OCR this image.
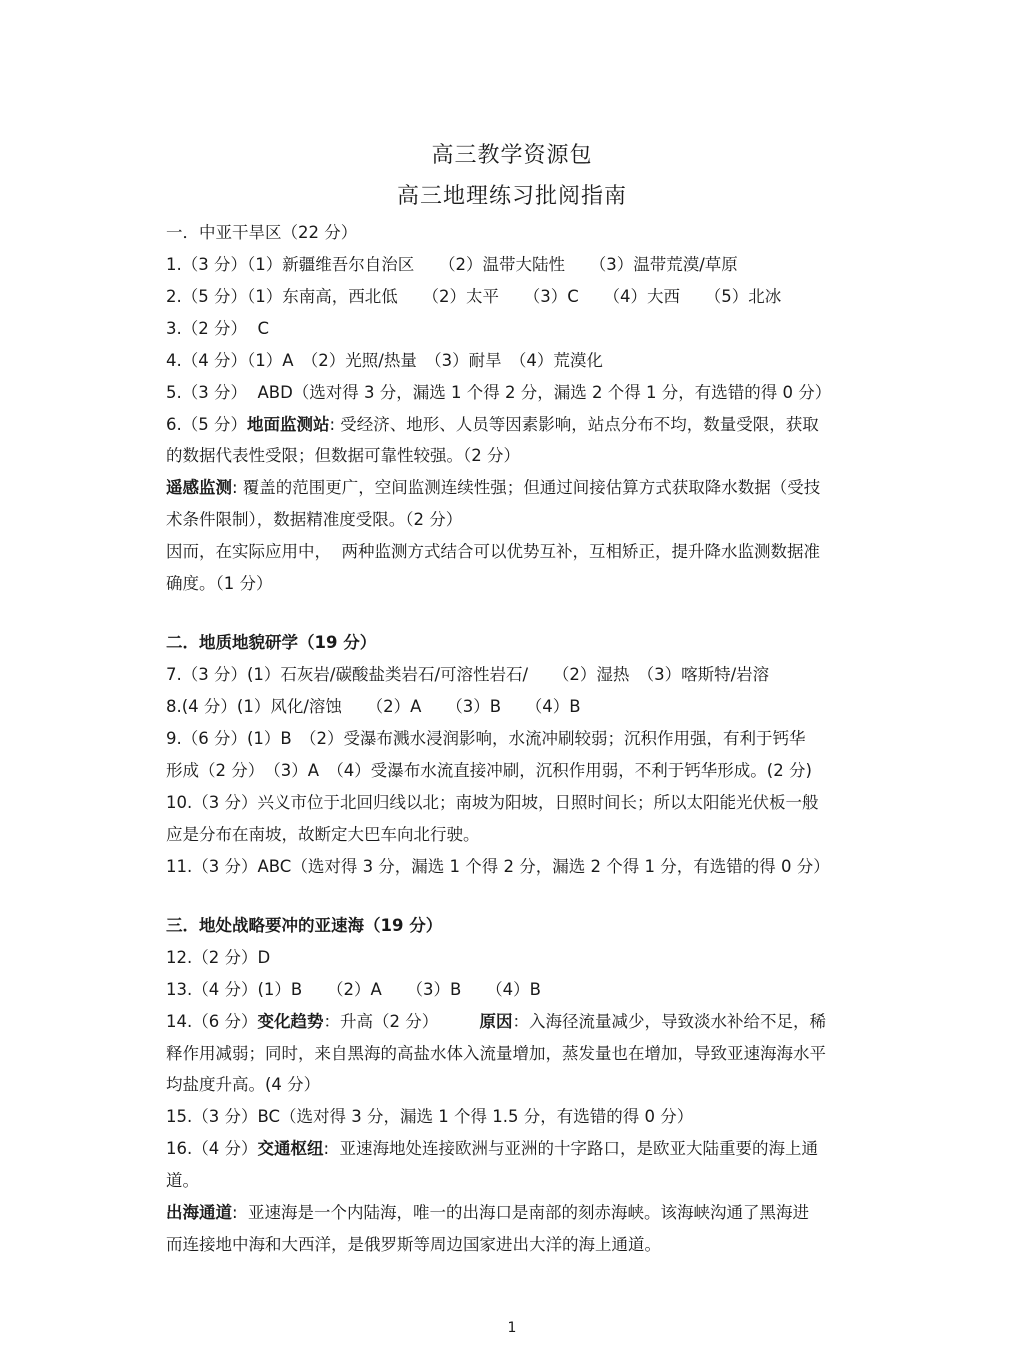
高三教学资源包
高三地理练习批阅指南
一．中亚干旱区（22 分）
1.（3 分）（1）新疆维吾尔自治区　　（2）温带大陆性　　（3）温带荒漠/草原
2.（5 分）（1）东南高，西北低　　（2）太平　　（3）C　　（4）大西　　（5）北冰
3.（2 分）  C
4.（4 分）（1）A　（2）光照/热量　（3）耐旱　（4）荒漠化
5.（3 分）  ABD（选对得 3 分，漏选 1 个得 2 分，漏选 2 个得 1 分，有选错的得 0 分）
6.（5 分）地面监测站: 受经济、地形、人员等因素影响，站点分布不均，数量受限，获取
的数据代表性受限；但数据可靠性较强。（2 分）
遥感监测: 覆盖的范围更广，空间监测连续性强；但通过间接估算方式获取降水数据（受技
术条件限制），数据精准度受限。（2 分）
因而，在实际应用中，  两种监测方式结合可以优势互补，互相矫正，提升降水监测数据准
确度。（1 分）
二．地质地貌研学（19 分）
7.（3 分）(1）石灰岩/碳酸盐类岩石/可溶性岩石/　　（2）湿热　（3）喀斯特/岩溶
8.(4 分）(1）风化/溶蚀　　（2）A　　（3）B　　（4）B
9.（6 分）(1）B　（2）受瀑布溅水浸润影响，水流冲刷较弱；沉积作用强，有利于钙华
形成（2 分）　（3）A　（4）受瀑布水流直接冲刷，沉积作用弱，不利于钙华形成。(2 分)
10.（3 分）兴义市位于北回归线以北；南坡为阳坡，日照时间长；所以太阳能光伏板一般
应是分布在南坡，故断定大巴车向北行驶。
11.（3 分）ABC（选对得 3 分，漏选 1 个得 2 分，漏选 2 个得 1 分，有选错的得 0 分）
三．地处战略要冲的亚速海（19 分）
12.（2 分）D
13.（4 分）(1）B　　（2）A　　（3）B　　（4）B
14.（6 分）变化趋势：升高（2 分）　　　原因：入海径流量减少，导致淡水补给不足，稀
释作用减弱；同时，来自黑海的高盐水体入流量增加，蒸发量也在增加，导致亚速海海水平
均盐度升高。(4 分）
15.（3 分）BC（选对得 3 分，漏选 1 个得 1.5 分，有选错的得 0 分）
16.（4 分）交通枢纽:  亚速海地处连接欧洲与亚洲的十字路口，是欧亚大陆重要的海上通
道。
出海通道:  亚速海是一个内陆海，唯一的出海口是南部的刻赤海峡。该海峡沟通了黑海进
而连接地中海和大西洋，是俄罗斯等周边国家进出大洋的海上通道。
1
